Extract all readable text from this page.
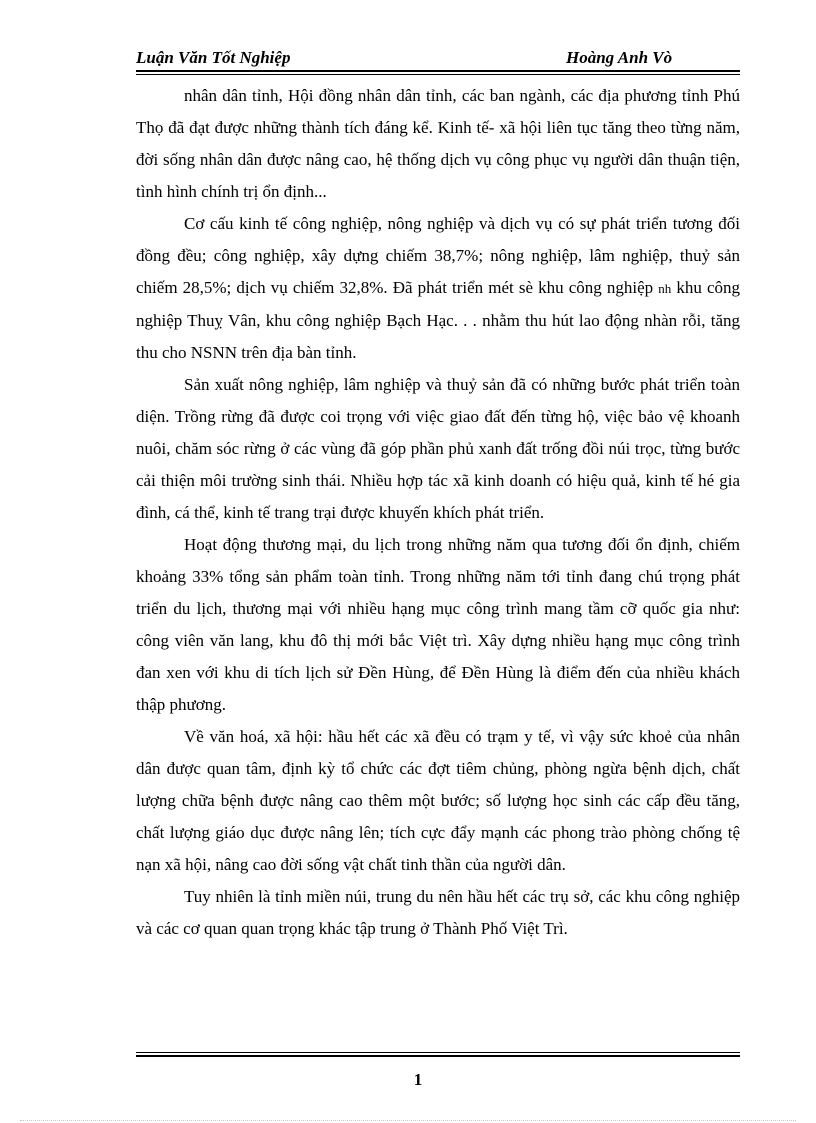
Luận Văn Tốt Nghiệp	Hoàng Anh Vò

nhân dân tỉnh, Hội đồng nhân dân tỉnh, các ban ngành, các địa phương tỉnh Phú Thọ đã đạt được những thành tích đáng kể. Kinh tế- xã hội liên tục tăng theo từng năm, đời sống nhân dân được nâng cao, hệ thống dịch vụ công phục vụ người dân thuận tiện, tình hình chính trị ổn định...

Cơ cấu kinh tế công nghiệp, nông nghiệp và dịch vụ có sự phát triển tương đối đồng đều; công nghiệp, xây dựng chiếm 38,7%; nông nghiệp, lâm nghiệp, thuỷ sản chiếm 28,5%; dịch vụ chiếm 32,8%. Đã phát triển mét sè khu công nghiệp nh khu công nghiệp Thuỵ Vân, khu công nghiệp Bạch Hạc. . . nhằm thu hút lao động nhàn rỗi, tăng thu cho NSNN trên địa bàn tỉnh.

Sản xuất nông nghiệp, lâm nghiệp và thuỷ sản đã có những bước phát triển toàn diện. Trồng rừng đã được coi trọng với việc giao đất đến từng hộ, việc bảo vệ khoanh nuôi, chăm sóc rừng ở các vùng đã góp phần phủ xanh đất trống đồi núi trọc, từng bước cải thiện môi trường sinh thái. Nhiều hợp tác xã kinh doanh có hiệu quả, kinh tế hé gia đình, cá thể, kinh tế trang trại được khuyến khích phát triển.

Hoạt động thương mại, du lịch trong những năm qua tương đối ổn định, chiếm khoảng 33% tổng sản phẩm toàn tỉnh. Trong những năm tới tỉnh đang chú trọng phát triển du lịch, thương mại với nhiều hạng mục công trình mang tầm cỡ quốc gia như: công viên văn lang, khu đô thị mới bắc Việt trì. Xây dựng nhiều hạng mục công trình đan xen với khu di tích lịch sử Đền Hùng, để Đền Hùng là điểm đến của nhiều khách thập phương.

Về văn hoá, xã hội: hầu hết các xã đều có trạm y tế, vì vậy sức khoẻ của nhân dân được quan tâm, định kỳ tổ chức các đợt tiêm chủng, phòng ngừa bệnh dịch, chất lượng chữa bệnh được nâng cao thêm một bước; số lượng học sinh các cấp đều tăng, chất lượng giáo dục được nâng lên; tích cực đẩy mạnh các phong trào phòng chống tệ nạn xã hội, nâng cao đời sống vật chất tinh thần của người dân.

Tuy nhiên là tỉnh miền núi, trung du nên hầu hết các trụ sở, các khu công nghiệp và các cơ quan quan trọng khác tập trung ở Thành Phố Việt Trì.

1
